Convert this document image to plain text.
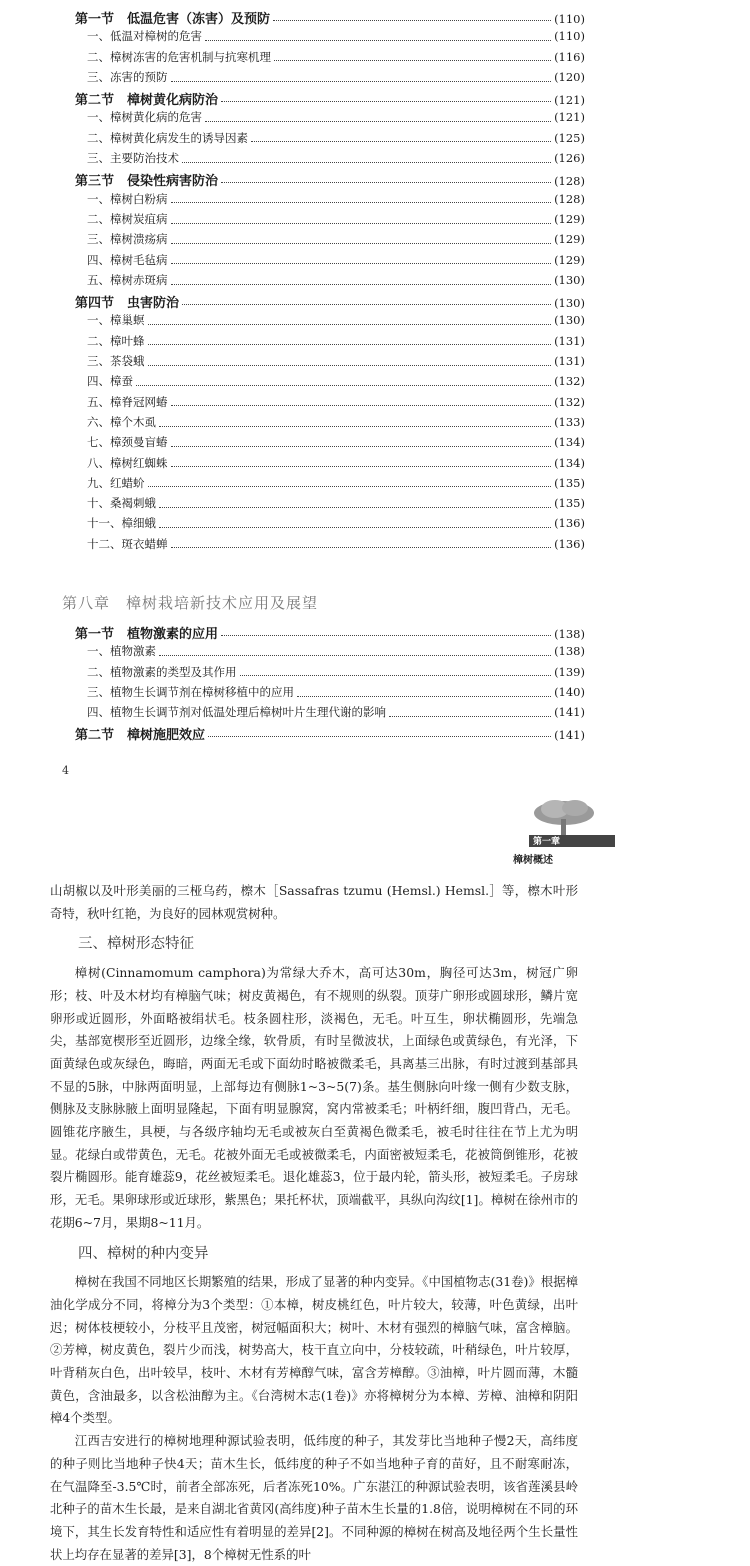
第一节　低温危害（冻害）及预防	(110)
一、低温对樟树的危害	(110)
二、樟树冻害的危害机制与抗寒机理	(116)
三、冻害的预防	(120)
第二节　樟树黄化病防治	(121)
一、樟树黄化病的危害	(121)
二、樟树黄化病发生的诱导因素	(125)
三、主要防治技术	(126)
第三节　侵染性病害防治	(128)
一、樟树白粉病	(128)
二、樟树炭疽病	(129)
三、樟树溃疡病	(129)
四、樟树毛毡病	(129)
五、樟树赤斑病	(130)
第四节　虫害防治	(130)
一、樟巢螟	(130)
二、樟叶蜂	(131)
三、茶袋蛾	(131)
四、樟蚕	(132)
五、樟脊冠网蝽	(132)
六、樟个木虱	(133)
七、樟颈曼盲蝽	(134)
八、樟树红蜘蛛	(134)
九、红蜡蚧	(135)
十、桑褐刺蛾	(135)
十一、樟细蛾	(136)
十二、斑衣蜡蝉	(136)
第八章　樟树栽培新技术应用及展望
第一节　植物激素的应用	(138)
一、植物激素	(138)
二、植物激素的类型及其作用	(139)
三、植物生长调节剂在樟树移植中的应用	(140)
四、植物生长调节剂对低温处理后樟树叶片生理代谢的影响	(141)
第二节　樟树施肥效应	(141)
4
第一章
樟树概述

山胡椒以及叶形美丽的三桠乌药，檫木［Sassafras tzumu (Hemsl.) Hemsl.］等，檫木叶形奇特，秋叶红艳，为良好的园林观赏树种。

三、樟树形态特征

樟树(Cinnamomum camphora)为常绿大乔木，高可达30m，胸径可达3m，树冠广卵形；枝、叶及木材均有樟脑气味；树皮黄褐色，有不规则的纵裂。顶芽广卵形或圆球形，鳞片宽卵形或近圆形，外面略被绢状毛。枝条圆柱形，淡褐色，无毛。叶互生，卵状椭圆形，先端急尖，基部宽楔形至近圆形，边缘全缘，软骨质，有时呈微波状，上面绿色或黄绿色，有光泽，下面黄绿色或灰绿色，晦暗，两面无毛或下面幼时略被微柔毛，具离基三出脉，有时过渡到基部具不显的5脉，中脉两面明显，上部每边有侧脉1~3~5(7)条。基生侧脉向叶缘一侧有少数支脉，侧脉及支脉脉腋上面明显隆起，下面有明显腺窝，窝内常被柔毛；叶柄纤细，腹凹背凸，无毛。圆锥花序腋生，具梗，与各级序轴均无毛或被灰白至黄褐色微柔毛，被毛时往往在节上尤为明显。花绿白或带黄色，无毛。花被外面无毛或被微柔毛，内面密被短柔毛，花被筒倒锥形，花被裂片椭圆形。能育雄蕊9，花丝被短柔毛。退化雄蕊3，位于最内轮，箭头形，被短柔毛。子房球形，无毛。果卵球形或近球形，紫黑色；果托杯状，顶端截平，具纵向沟纹[1]。樟树在徐州市的花期6~7月，果期8~11月。

四、樟树的种内变异

樟树在我国不同地区长期繁殖的结果，形成了显著的种内变异。《中国植物志(31卷)》根据樟油化学成分不同，将樟分为3个类型：①本樟，树皮桃红色，叶片较大，较薄，叶色黄绿，出叶迟；树体枝梗较小，分枝平且茂密，树冠幅面积大；树叶、木材有强烈的樟脑气味，富含樟脑。②芳樟，树皮黄色，裂片少而浅，树势高大，枝干直立向中，分枝较疏，叶稍绿色，叶片较厚，叶背稍灰白色，出叶较早，枝叶、木材有芳樟醇气味，富含芳樟醇。③油樟，叶片圆而薄，木髓黄色，含油最多，以含松油醇为主。《台湾树木志(1卷)》亦将樟树分为本樟、芳樟、油樟和阴阳樟4个类型。

江西吉安进行的樟树地理种源试验表明，低纬度的种子，其发芽比当地种子慢2天，高纬度的种子则比当地种子快4天；苗木生长，低纬度的种子不如当地种子育的苗好，且不耐寒耐冻，在气温降至-3.5℃时，前者全部冻死，后者冻死10%。广东湛江的种源试验表明，该省莲溪县岭北种子的苗木生长最，是来自湖北省黄冈(高纬度)种子苗木生长量的1.8倍，说明樟树在不同的环境下，其生长发育特性和适应性有着明显的差异[2]。不同种源的樟树在树高及地径两个生长量性状上均存在显著的差异[3]，8个樟树无性系的叶
